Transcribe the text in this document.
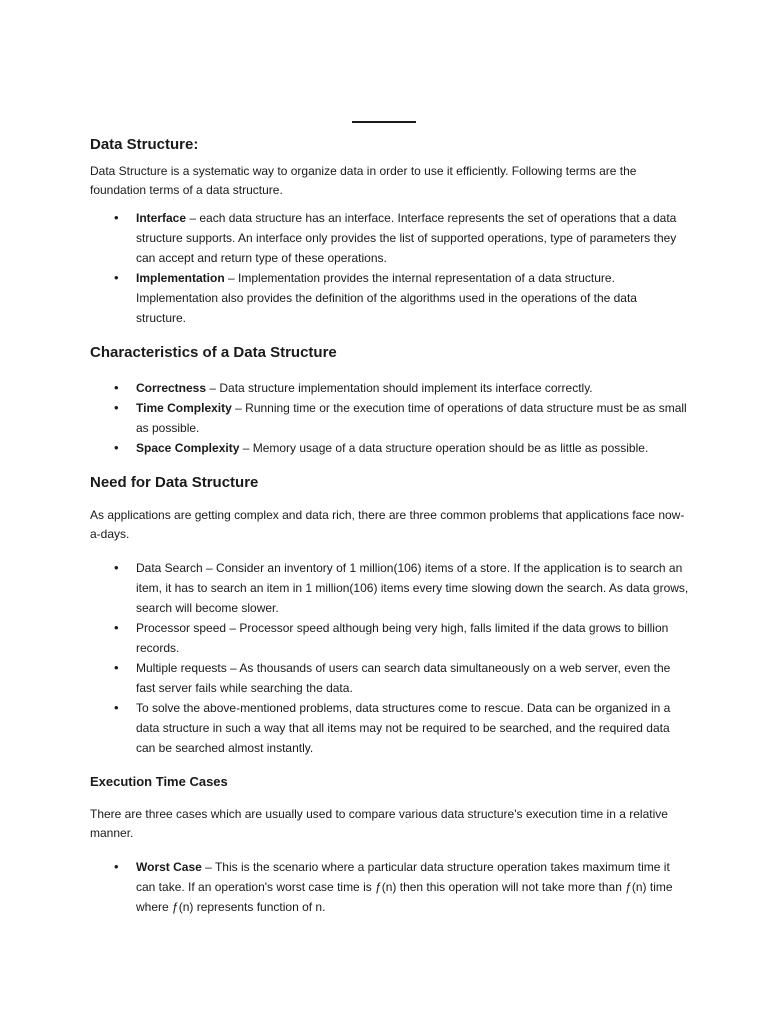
Data Structure:

Data Structure is a systematic way to organize data in order to use it efficiently. Following terms are the foundation terms of a data structure.

• Interface – each data structure has an interface. Interface represents the set of operations that a data structure supports. An interface only provides the list of supported operations, type of parameters they can accept and return type of these operations.
• Implementation – Implementation provides the internal representation of a data structure. Implementation also provides the definition of the algorithms used in the operations of the data structure.
Characteristics of a Data Structure
• Correctness – Data structure implementation should implement its interface correctly.
• Time Complexity – Running time or the execution time of operations of data structure must be as small as possible.
• Space Complexity – Memory usage of a data structure operation should be as little as possible.
Need for Data Structure

As applications are getting complex and data rich, there are three common problems that applications face now-a-days.

• Data Search – Consider an inventory of 1 million(106) items of a store. If the application is to search an item, it has to search an item in 1 million(106) items every time slowing down the search. As data grows, search will become slower.
• Processor speed – Processor speed although being very high, falls limited if the data grows to billion records.
• Multiple requests – As thousands of users can search data simultaneously on a web server, even the fast server fails while searching the data.
• To solve the above-mentioned problems, data structures come to rescue. Data can be organized in a data structure in such a way that all items may not be required to be searched, and the required data can be searched almost instantly.
Execution Time Cases

There are three cases which are usually used to compare various data structure's execution time in a relative manner.

• Worst Case – This is the scenario where a particular data structure operation takes maximum time it can take. If an operation's worst case time is ƒ(n) then this operation will not take more than ƒ(n) time where ƒ(n) represents function of n.
